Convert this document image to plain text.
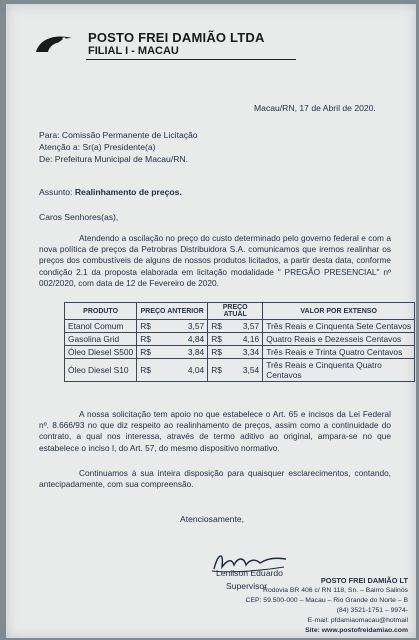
POSTO FREI DAMIÃO LTDA
FILIAL I - MACAU
Macau/RN, 17 de Abril de 2020.
Para: Comissão Permanente de Licitação
Atenção a: Sr(a) Presidente(a)
De: Prefeitura Municipal de Macau/RN.
Assunto: Realinhamento de preços.
Caros Senhores(as),
Atendendo a oscilação no preço do custo determinado pelo governo federal e com a nova política de preços da Petrobras Distribuidora S.A. comunicamos que iremos realinhar os preços dos combustíveis de alguns de nossos produtos licitados, a partir desta data, conforme condição 2.1 da proposta elaborada em licitação modalidade " PREGÃO PRESENCIAL" nº 002/2020, com data de 12 de Fevereiro de 2020.
PRODUTO	PREÇO ANTERIOR	PREÇO ATUAL	VALOR POR EXTENSO
Etanol Comum	R$ 3,57	R$ 3,57	Três Reais e Cinquenta Sete Centavos
Gasolina Grid	R$ 4,84	R$ 4,16	Quatro Reais e Dezesseis Centavos
Óleo Diesel S500	R$ 3,84	R$ 3,34	Três Reais e Trinta Quatro Centavos
Óleo Diesel S10	R$ 4,04	R$ 3,54	Três Reais e Cinquenta Quatro Centavos
A nossa solicitação tem apoio no que estabelece o Art. 65 e incisos da Lei Federal nº. 8.666/93 no que diz respeito ao realinhamento de preços, assim como a continuidade do contrato, a qual nos interessa, através de termo aditivo ao original, ampara-se no que estabelece o inciso I, do Art. 57, do mesmo dispositivo normativo.
Continuamos à sua inteira disposição para quaisquer esclarecimentos, contando, antecipadamente, com sua compreensão.
Atenciosamente,
Lenilson Eduardo
Supervisor
POSTO FREI DAMIÃO LT
Rodovia BR 406 c/ RN 118, Sn. – Bairro Salinós
CEP: 59.500-000 – Macau – Rio Grande do Norte – B
(84) 3521-1751 – 9974-
E-mail: pfdamiaomacau@hotmail
Site: www.postofreidamiao.com
